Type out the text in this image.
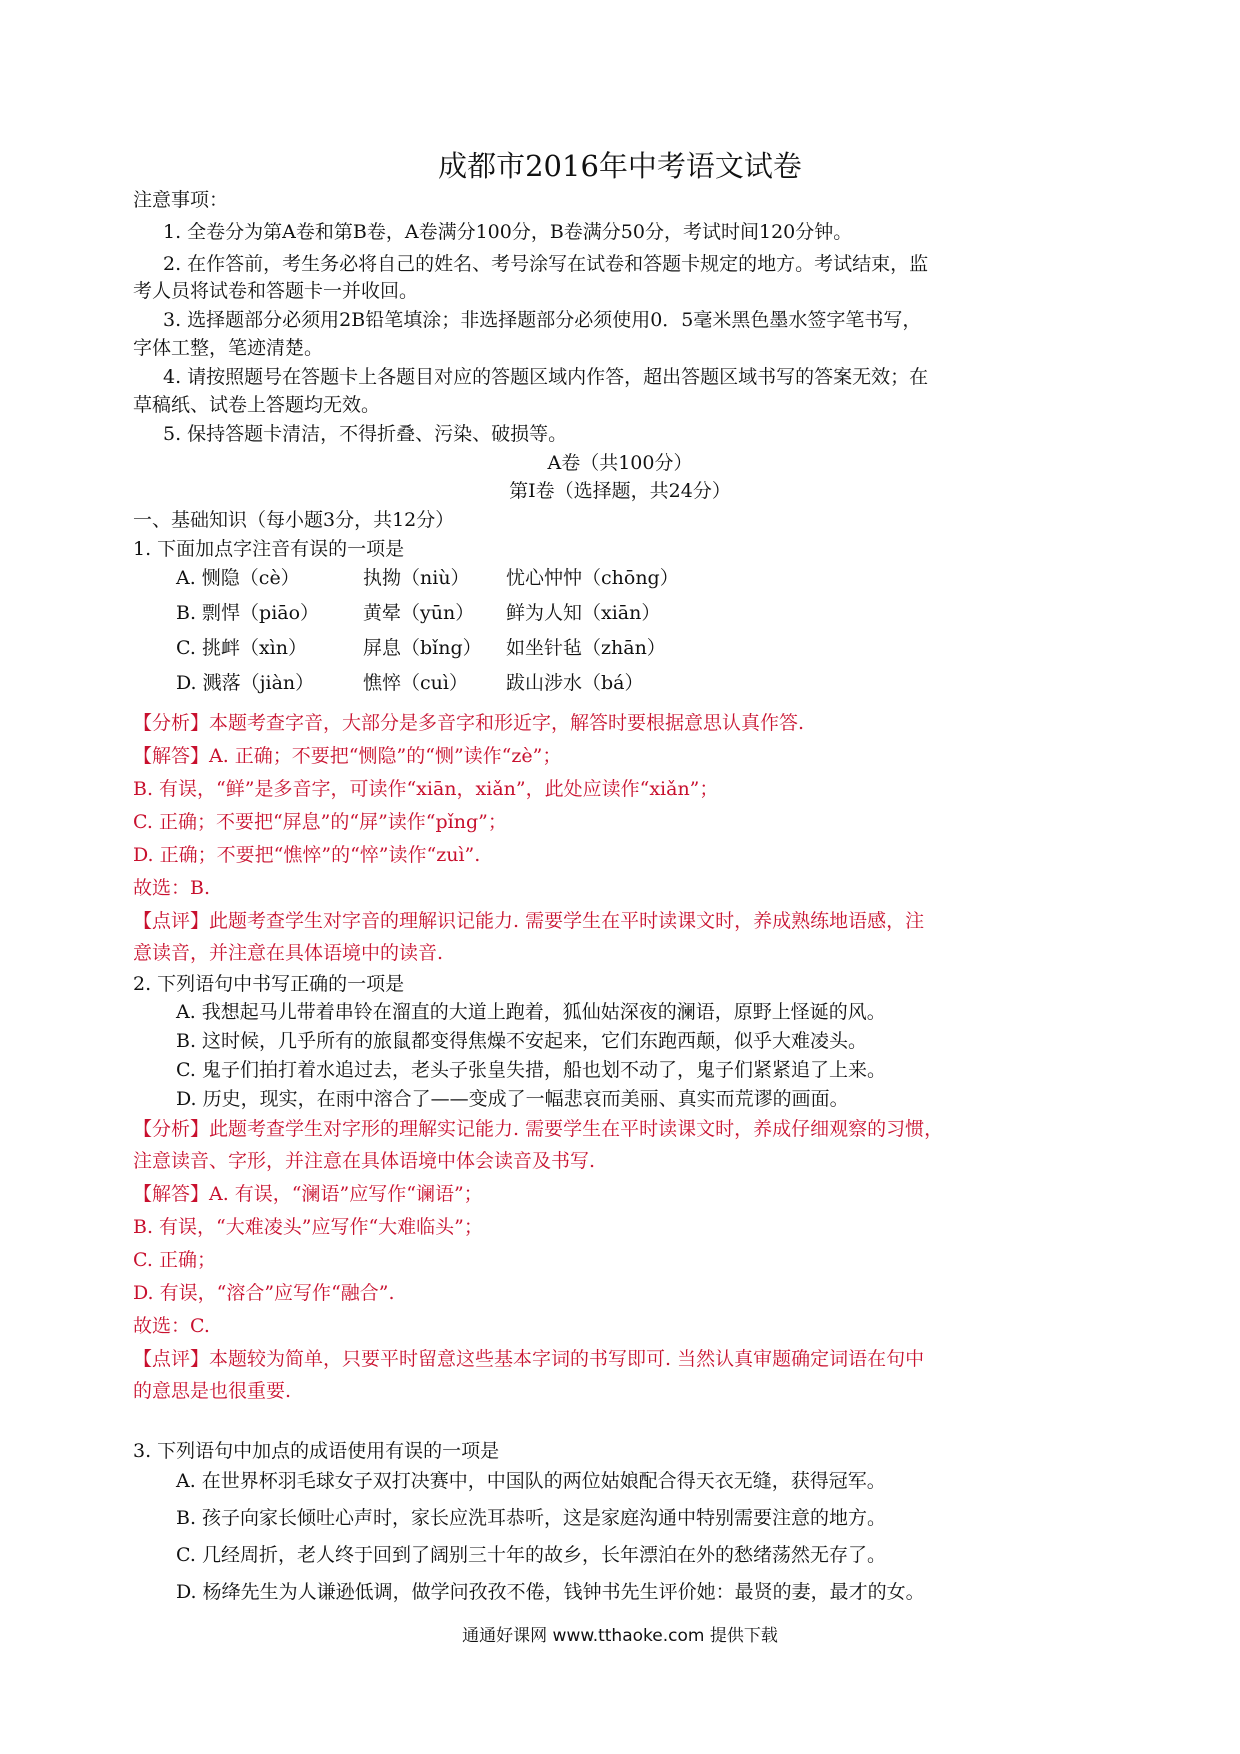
成都市2016年中考语文试卷
注意事项：
1. 全卷分为第A卷和第B卷，A卷满分100分，B卷满分50分，考试时间120分钟。
2. 在作答前，考生务必将自己的姓名、考号涂写在试卷和答题卡规定的地方。考试结束，监
考人员将试卷和答题卡一并收回。
3. 选择题部分必须用2B铅笔填涂；非选择题部分必须使用0．5毫米黑色墨水签字笔书写，
字体工整，笔迹清楚。
4. 请按照题号在答题卡上各题目对应的答题区域内作答，超出答题区域书写的答案无效；在
草稿纸、试卷上答题均无效。
5. 保持答题卡清洁，不得折叠、污染、破损等。
A卷（共100分）
第Ⅰ卷（选择题，共24分）
一、基础知识（每小题3分，共12分）
1. 下面加点字注音有误的一项是
A. 恻隐（cè）	执拗（niù） 忧心忡忡（chōng）
B. 剽悍（piāo） 黄晕（yūn） 鲜为人知（xiān）
C. 挑衅（xìn）	屏息（bǐng） 如坐针毡（zhān）
D. 溅落（jiàn）	憔悴（cuì） 跋山涉水（bá）
【分析】本题考查字音，大部分是多音字和形近字，解答时要根据意思认真作答.
【解答】A. 正确；不要把“恻隐”的“恻”读作“zè”；
B. 有误，“鲜”是多音字，可读作“xiān，xiǎn”，此处应读作“xiǎn”；
C. 正确；不要把“屏息”的“屏”读作“pǐng”；
D. 正确；不要把“憔悴”的“悴”读作“zuì”.
故选：B.
【点评】此题考查学生对字音的理解识记能力. 需要学生在平时读课文时，养成熟练地语感，注
意读音，并注意在具体语境中的读音.
2. 下列语句中书写正确的一项是
A. 我想起马儿带着串铃在溜直的大道上跑着，狐仙姑深夜的澜语，原野上怪诞的风。
B. 这时候，几乎所有的旅鼠都变得焦燥不安起来，它们东跑西颠，似乎大难凌头。
C. 鬼子们拍打着水追过去，老头子张皇失措，船也划不动了，鬼子们紧紧追了上来。
D. 历史，现实，在雨中溶合了——变成了一幅悲哀而美丽、真实而荒谬的画面。
【分析】此题考查学生对字形的理解实记能力. 需要学生在平时读课文时，养成仔细观察的习惯，
注意读音、字形，并注意在具体语境中体会读音及书写.
【解答】A. 有误，“澜语”应写作“谰语”；
B. 有误，“大难凌头”应写作“大难临头”；
C. 正确；
D. 有误，“溶合”应写作“融合”.
故选：C.
【点评】本题较为简单，只要平时留意这些基本字词的书写即可. 当然认真审题确定词语在句中
的意思是也很重要.
3. 下列语句中加点的成语使用有误的一项是
A. 在世界杯羽毛球女子双打决赛中，中国队的两位姑娘配合得天衣无缝，获得冠军。
B. 孩子向家长倾吐心声时，家长应洗耳恭听，这是家庭沟通中特别需要注意的地方。
C. 几经周折，老人终于回到了阔别三十年的故乡，长年漂泊在外的愁绪荡然无存了。
D. 杨绛先生为人谦逊低调，做学问孜孜不倦，钱钟书先生评价她：最贤的妻，最才的女。
通通好课网 www.tthaoke.com 提供下载
